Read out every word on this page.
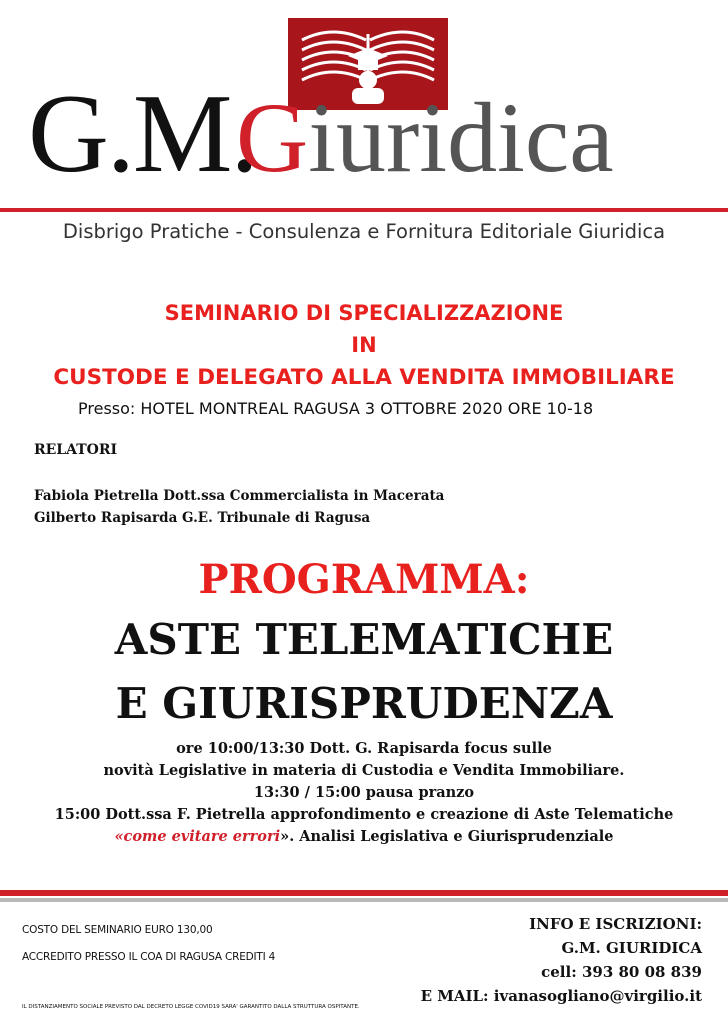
G.M.
Giuridica
Disbrigo Pratiche - Consulenza e Fornitura Editoriale Giuridica
SEMINARIO DI SPECIALIZZAZIONE
IN
CUSTODE E DELEGATO ALLA VENDITA IMMOBILIARE
Presso: HOTEL MONTREAL RAGUSA 3 OTTOBRE 2020 ORE 10-18
RELATORI
Fabiola Pietrella Dott.ssa Commercialista in Macerata
Gilberto Rapisarda G.E. Tribunale di Ragusa
PROGRAMMA:
ASTE TELEMATICHE
E GIURISPRUDENZA
ore 10:00/13:30 Dott. G. Rapisarda focus sulle
novità Legislative in materia di Custodia e Vendita Immobiliare.
13:30 / 15:00 pausa pranzo
15:00 Dott.ssa F. Pietrella approfondimento e creazione di Aste Telematiche
«come evitare errori». Analisi Legislativa e Giurisprudenziale
COSTO DEL SEMINARIO EURO 130,00
ACCREDITO PRESSO IL COA DI RAGUSA CREDITI 4
IL DISTANZIAMENTO SOCIALE PREVISTO DAL DECRETO LEGGE COVID19 SARA' GARANTITO DALLA STRUTTURA OSPITANTE.
INFO E ISCRIZIONI:
G.M. GIURIDICA
cell: 393 80 08 839
E MAIL: ivanasogliano@virgilio.it
